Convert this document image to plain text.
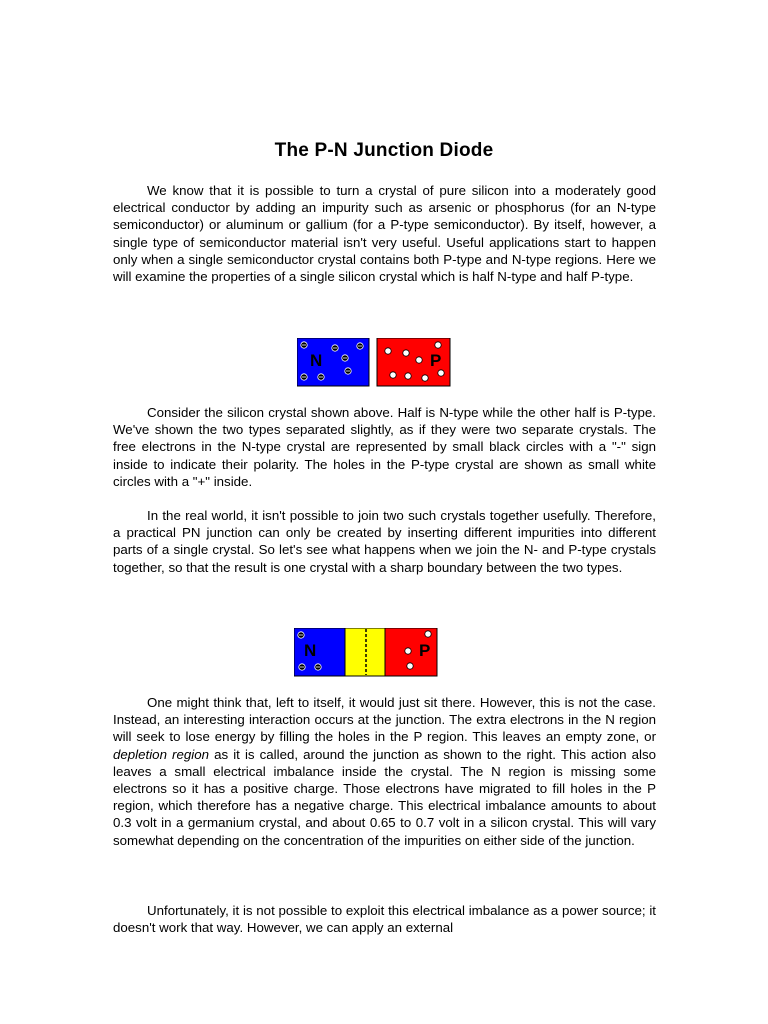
The P-N Junction Diode

We know that it is possible to turn a crystal of pure silicon into a moderately good electrical conductor by adding an impurity such as arsenic or phosphorus (for an N-type semiconductor) or aluminum or gallium (for a P-type semiconductor). By itself, however, a single type of semiconductor material isn't very useful. Useful applications start to happen only when a single semiconductor crystal contains both P-type and N-type regions. Here we will examine the properties of a single silicon crystal which is half N-type and half P-type.

N	P

Consider the silicon crystal shown above. Half is N-type while the other half is P-type. We've shown the two types separated slightly, as if they were two separate crystals. The free electrons in the N-type crystal are represented by small black circles with a "-" sign inside to indicate their polarity. The holes in the P-type crystal are shown as small white circles with a "+" inside.

In the real world, it isn't possible to join two such crystals together usefully. Therefore, a practical PN junction can only be created by inserting different impurities into different parts of a single crystal. So let's see what happens when we join the N- and P-type crystals together, so that the result is one crystal with a sharp boundary between the two types.

N	P

One might think that, left to itself, it would just sit there. However, this is not the case. Instead, an interesting interaction occurs at the junction. The extra electrons in the N region will seek to lose energy by filling the holes in the P region. This leaves an empty zone, or depletion region as it is called, around the junction as shown to the right. This action also leaves a small electrical imbalance inside the crystal. The N region is missing some electrons so it has a positive charge. Those electrons have migrated to fill holes in the P region, which therefore has a negative charge. This electrical imbalance amounts to about 0.3 volt in a germanium crystal, and about 0.65 to 0.7 volt in a silicon crystal. This will vary somewhat depending on the concentration of the impurities on either side of the junction.

Unfortunately, it is not possible to exploit this electrical imbalance as a power source; it doesn't work that way. However, we can apply an external
